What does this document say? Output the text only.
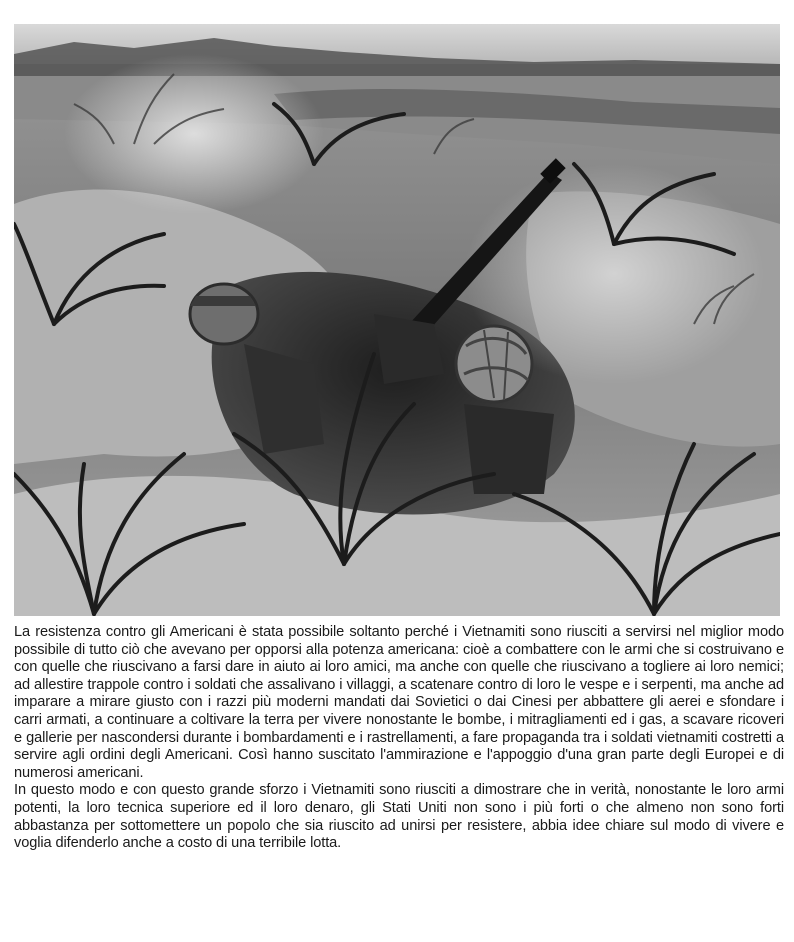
La resistenza contro gli Americani è stata possibile soltanto perché i Vietnamiti sono riusciti a servirsi nel miglior modo possibile di tutto ciò che avevano per opporsi alla potenza americana: cioè a combattere con le armi che si costruivano e con quelle che riuscivano a farsi dare in aiuto ai loro amici, ma anche con quelle che riuscivano a togliere ai loro nemici; ad allestire trappole contro i soldati che assalivano i villaggi, a scatenare contro di loro le vespe e i serpenti, ma anche ad imparare a mirare giusto con i razzi più moderni mandati dai Sovietici o dai Cinesi per abbattere gli aerei e sfondare i carri armati, a continuare a coltivare la terra per vivere nonostante le bombe, i mitragliamenti ed i gas, a scavare ricoveri e gallerie per nascondersi durante i bombardamenti e i rastrellamenti, a fare propaganda tra i soldati vietnamiti costretti a servire agli ordini degli Americani. Così hanno suscitato l'ammirazione e l'appoggio d'una gran parte degli Europei e di numerosi americani.

In questo modo e con questo grande sforzo i Vietnamiti sono riusciti a dimostrare che in verità, nonostante le loro armi potenti, la loro tecnica superiore ed il loro denaro, gli Stati Uniti non sono i più forti o che almeno non sono forti abbastanza per sottomettere un popolo che sia riuscito ad unirsi per resistere, abbia idee chiare sul modo di vivere e voglia difenderlo anche a costo di una terribile lotta.
